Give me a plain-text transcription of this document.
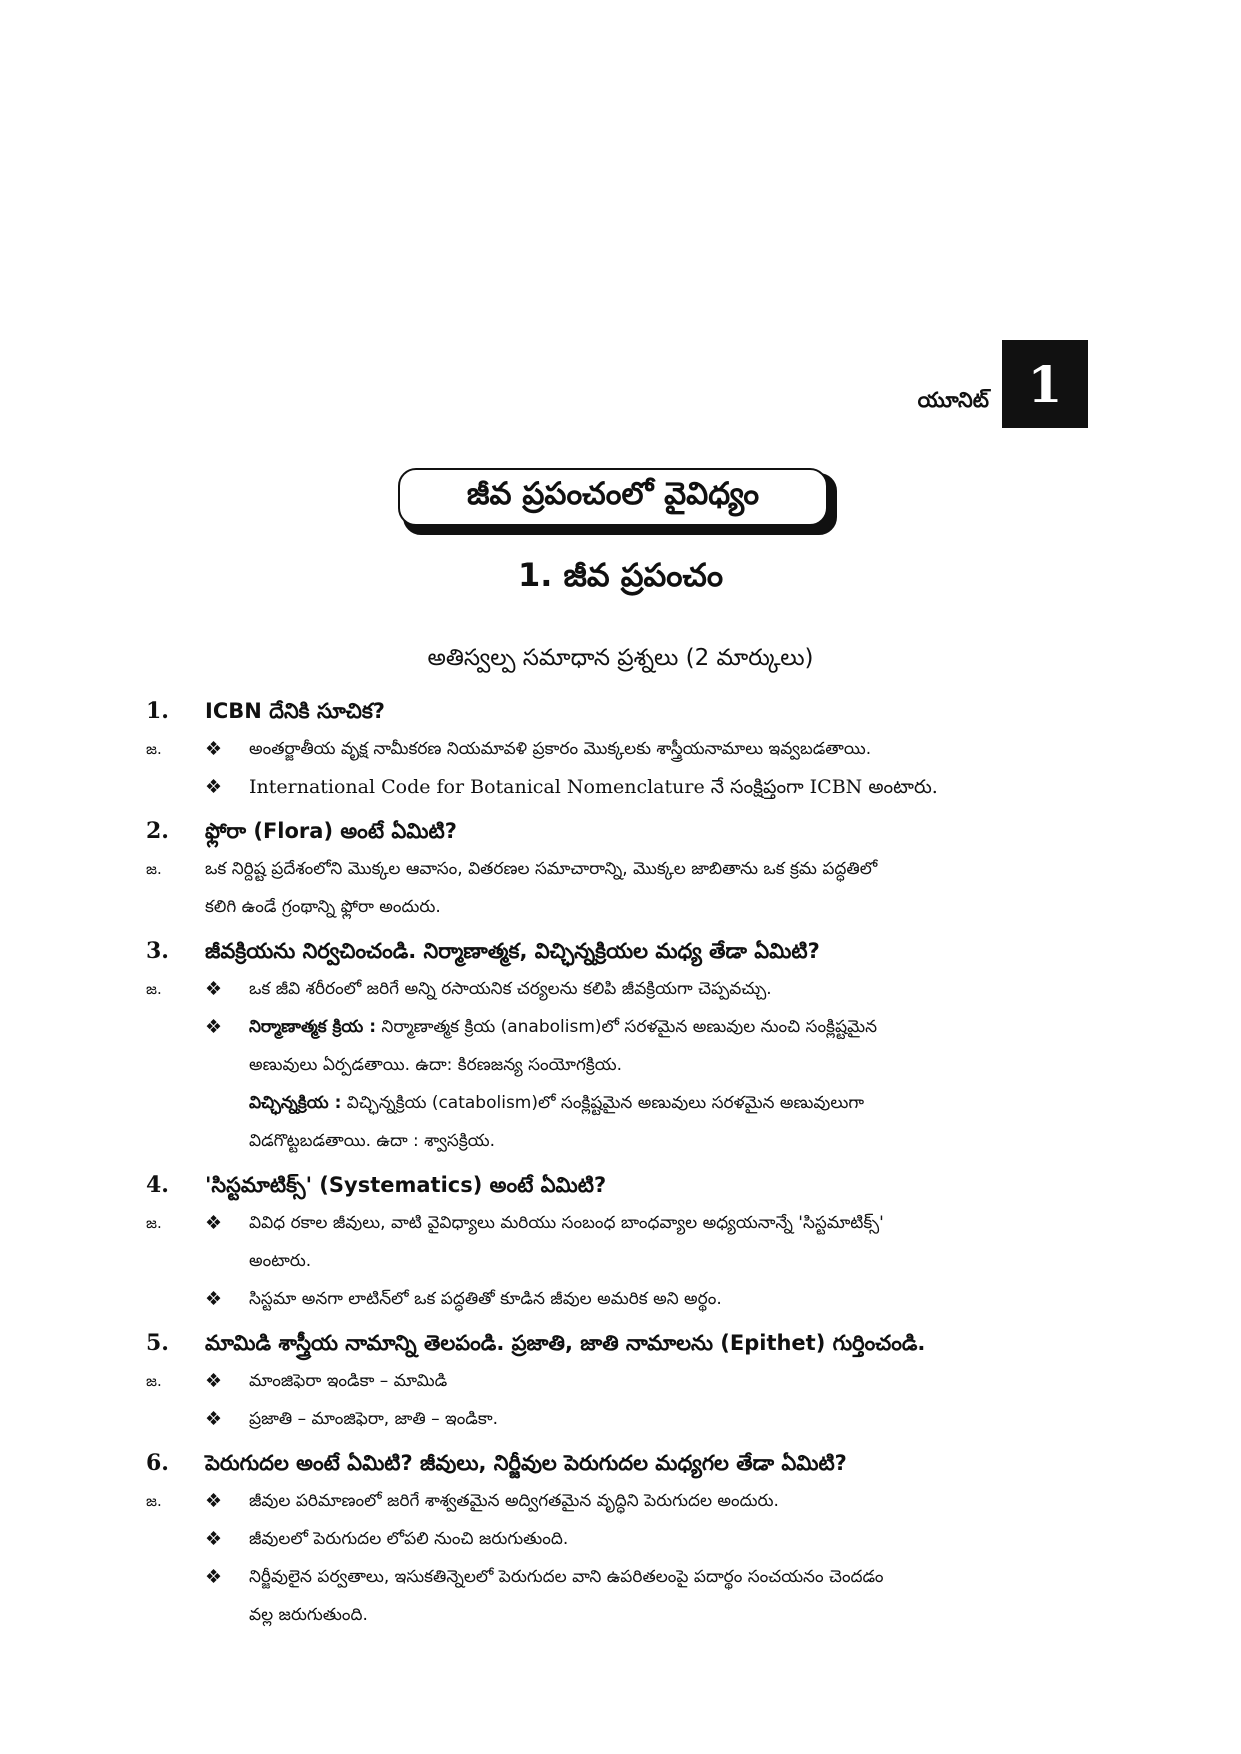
యూనిట్ 1
జీవ ప్రపంచంలో వైవిధ్యం
1. జీవ ప్రపంచం
అతిస్వల్ప సమాధాన ప్రశ్నలు (2 మార్కులు)
1.	ICBN దేనికి సూచిక?
జ.	❖	అంతర్జాతీయ వృక్ష నామీకరణ నియమావళి ప్రకారం మొక్కలకు శాస్త్రీయనామాలు ఇవ్వబడతాయి.
❖	International Code for Botanical Nomenclature నే సంక్షిప్తంగా ICBN అంటారు.
2.	ఫ్లోరా (Flora) అంటే ఏమిటి?
జ.	ఒక నిర్దిష్ట ప్రదేశంలోని మొక్కల ఆవాసం, వితరణల సమాచారాన్ని, మొక్కల జాబితాను ఒక క్రమ పద్ధతిలో
కలిగి ఉండే గ్రంథాన్ని ఫ్లోరా అందురు.
3.	జీవక్రియను నిర్వచించండి. నిర్మాణాత్మక, విచ్ఛిన్నక్రియల మధ్య తేడా ఏమిటి?
జ.	❖	ఒక జీవి శరీరంలో జరిగే అన్ని రసాయనిక చర్యలను కలిపి జీవక్రియగా చెప్పవచ్చు.
❖	నిర్మాణాత్మక క్రియ : నిర్మాణాత్మక క్రియ (anabolism)లో సరళమైన అణువుల నుంచి సంక్లిష్టమైన
అణువులు ఏర్పడతాయి. ఉదా: కిరణజన్య సంయోగక్రియ.
విచ్ఛిన్నక్రియ : విచ్ఛిన్నక్రియ (catabolism)లో సంక్లిష్టమైన అణువులు సరళమైన అణువులుగా
విడగొట్టబడతాయి. ఉదా : శ్వాసక్రియ.
4.	'సిస్టమాటిక్స్' (Systematics) అంటే ఏమిటి?
జ.	❖	వివిధ రకాల జీవులు, వాటి వైవిధ్యాలు మరియు సంబంధ బాంధవ్యాల అధ్యయనాన్నే 'సిస్టమాటిక్స్'
అంటారు.
❖	సిస్టమా అనగా లాటిన్‌లో ఒక పద్ధతితో కూడిన జీవుల అమరిక అని అర్థం.
5.	మామిడి శాస్త్రీయ నామాన్ని తెలపండి. ప్రజాతి, జాతి నామాలను (Epithet) గుర్తించండి.
జ.	❖	మాంజిఫెరా ఇండికా – మామిడి
❖	ప్రజాతి – మాంజిఫెరా, జాతి – ఇండికా.
6.	పెరుగుదల అంటే ఏమిటి? జీవులు, నిర్జీవుల పెరుగుదల మధ్యగల తేడా ఏమిటి?
జ.	❖	జీవుల పరిమాణంలో జరిగే శాశ్వతమైన అద్విగతమైన వృద్ధిని పెరుగుదల అందురు.
❖	జీవులలో పెరుగుదల లోపలి నుంచి జరుగుతుంది.
❖	నిర్జీవులైన పర్వతాలు, ఇసుకతిన్నెలలో పెరుగుదల వాని ఉపరితలంపై పదార్థం సంచయనం చెందడం
వల్ల జరుగుతుంది.
